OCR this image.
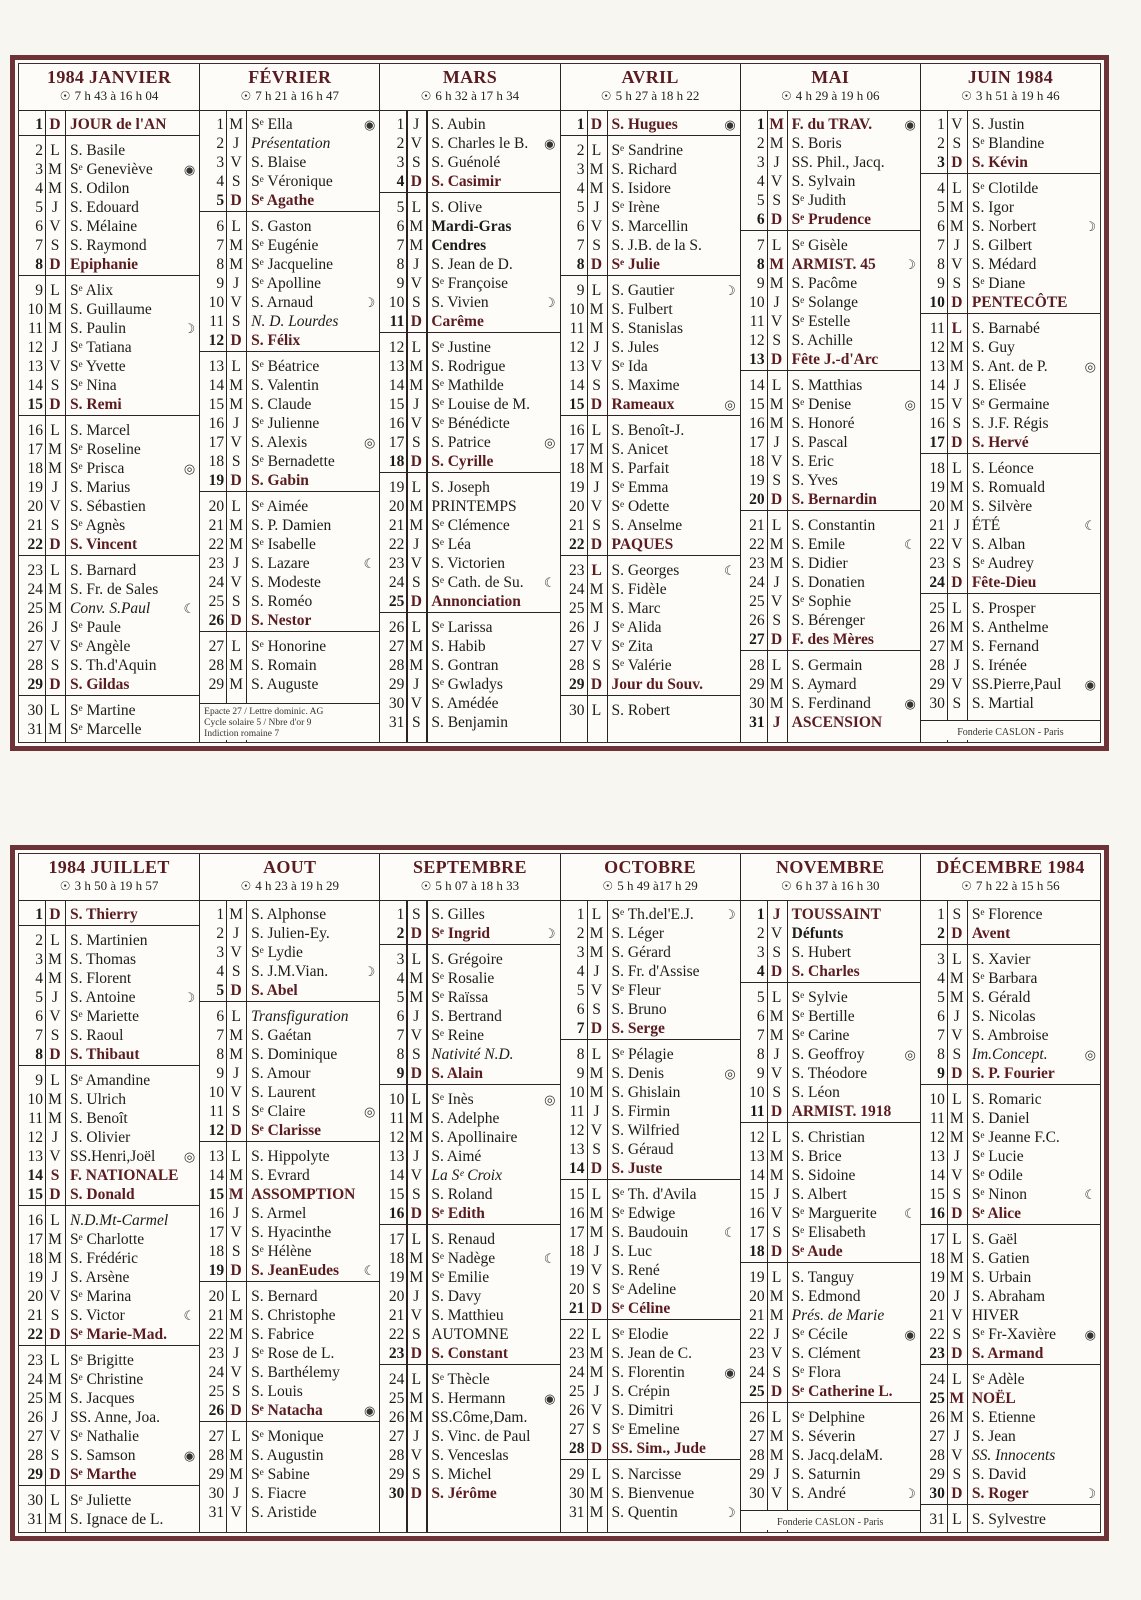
1984 JANVIER
☉ 7 h 43 à 16 h 04
1 D JOUR de l'AN
2 L S. Basile
3 M Sᵉ Geneviève	◉
4 M S. Odilon
5 J S. Edouard
6 V S. Mélaine
7 S S. Raymond
8 D Epiphanie
9 L Sᵉ Alix
10 M S. Guillaume
11 M S. Paulin	☽
12 J Sᵉ Tatiana
13 V Sᵉ Yvette
14 S Sᵉ Nina
15 D S. Remi
16 L S. Marcel
17 M Sᵉ Roseline
18 M Sᵉ Prisca	◎
19 J S. Marius
20 V S. Sébastien
21 S Sᵉ Agnès
22 D S. Vincent
23 L S. Barnard
24 M S. Fr. de Sales
25 M Conv. S.Paul	☾
26 J Sᵉ Paule
27 V Sᵉ Angèle
28 S S. Th.d'Aquin
29 D S. Gildas
30 L Sᵉ Martine
31 M Sᵉ Marcelle
FÉVRIER
☉ 7 h 21 à 16 h 47
1 M Sᵉ Ella	◉
2 J Présentation
3 V S. Blaise
4 S Sᵉ Véronique
5 D Sᵉ Agathe
6 L S. Gaston
7 M Sᵉ Eugénie
8 M Sᵉ Jacqueline
9 J Sᵉ Apolline
10 V S. Arnaud	☽
11 S N. D. Lourdes
12 D S. Félix
13 L Sᵉ Béatrice
14 M S. Valentin
15 M S. Claude
16 J Sᵉ Julienne
17 V S. Alexis	◎
18 S Sᵉ Bernadette
19 D S. Gabin
20 L Sᵉ Aimée
21 M S. P. Damien
22 M Sᵉ Isabelle
23 J S. Lazare	☾
24 V S. Modeste
25 S S. Roméo
26 D S. Nestor
27 L Sᵉ Honorine
28 M S. Romain
29 M S. Auguste
Epacte 27 / Lettre dominic. AG
Cycle solaire 5 / Nbre d'or 9
Indiction romaine 7
MARS
☉ 6 h 32 à 17 h 34
1 J S. Aubin
2 V S. Charles le B.	◉
3 S S. Guénolé
4 D S. Casimir
5 L S. Olive
6 M Mardi-Gras
7 M Cendres
8 J S. Jean de D.
9 V Sᵉ Françoise
10 S S. Vivien	☽
11 D Carême
12 L Sᵉ Justine
13 M S. Rodrigue
14 M Sᵉ Mathilde
15 J Sᵉ Louise de M.
16 V Sᵉ Bénédicte
17 S S. Patrice	◎
18 D S. Cyrille
19 L S. Joseph
20 M PRINTEMPS
21 M Sᵉ Clémence
22 J Sᵉ Léa
23 V S. Victorien
24 S Sᵉ Cath. de Su.	☾
25 D Annonciation
26 L Sᵉ Larissa
27 M S. Habib
28 M S. Gontran
29 J Sᵉ Gwladys
30 V S. Amédée
31 S S. Benjamin
AVRIL
☉ 5 h 27 à 18 h 22
1 D S. Hugues	◉
2 L Sᵉ Sandrine
3 M S. Richard
4 M S. Isidore
5 J Sᵉ Irène
6 V S. Marcellin
7 S S. J.B. de la S.
8 D Sᵉ Julie
9 L S. Gautier	☽
10 M S. Fulbert
11 M S. Stanislas
12 J S. Jules
13 V Sᵉ Ida
14 S S. Maxime
15 D Rameaux	◎
16 L S. Benoît-J.
17 M S. Anicet
18 M S. Parfait
19 J Sᵉ Emma
20 V Sᵉ Odette
21 S S. Anselme
22 D PAQUES
23 L S. Georges	☾
24 M S. Fidèle
25 M S. Marc
26 J Sᵉ Alida
27 V Sᵉ Zita
28 S Sᵉ Valérie
29 D Jour du Souv.
30 L S. Robert
MAI
☉ 4 h 29 à 19 h 06
1 M F. du TRAV.	◉
2 M S. Boris
3 J SS. Phil., Jacq.
4 V S. Sylvain
5 S Sᵉ Judith
6 D Sᵉ Prudence
7 L Sᵉ Gisèle
8 M ARMIST. 45	☽
9 M S. Pacôme
10 J Sᵉ Solange
11 V Sᵉ Estelle
12 S S. Achille
13 D Fête J.-d'Arc
14 L S. Matthias
15 M Sᵉ Denise	◎
16 M S. Honoré
17 J S. Pascal
18 V S. Eric
19 S S. Yves
20 D S. Bernardin
21 L S. Constantin
22 M S. Emile	☾
23 M S. Didier
24 J S. Donatien
25 V Sᵉ Sophie
26 S S. Bérenger
27 D F. des Mères
28 L S. Germain
29 M S. Aymard
30 M S. Ferdinand	◉
31 J ASCENSION
JUIN 1984
☉ 3 h 51 à 19 h 46
1 V S. Justin
2 S Sᵉ Blandine
3 D S. Kévin
4 L Sᵉ Clotilde
5 M S. Igor
6 M S. Norbert	☽
7 J S. Gilbert
8 V S. Médard
9 S Sᵉ Diane
10 D PENTECÔTE
11 L S. Barnabé
12 M S. Guy
13 M S. Ant. de P.	◎
14 J S. Elisée
15 V Sᵉ Germaine
16 S S. J.F. Régis
17 D S. Hervé
18 L S. Léonce
19 M S. Romuald
20 M S. Silvère
21 J ÉTÉ	☾
22 V S. Alban
23 S Sᵉ Audrey
24 D Fête-Dieu
25 L S. Prosper
26 M S. Anthelme
27 M S. Fernand
28 J S. Irénée
29 V SS.Pierre,Paul	◉
30 S S. Martial
Fonderie CASLON - Paris
1984 JUILLET
☉ 3 h 50 à 19 h 57
1 D S. Thierry
2 L S. Martinien
3 M S. Thomas
4 M S. Florent
5 J S. Antoine	☽
6 V Sᵉ Mariette
7 S S. Raoul
8 D S. Thibaut
9 L Sᵉ Amandine
10 M S. Ulrich
11 M S. Benoît
12 J S. Olivier
13 V SS.Henri,Joël	◎
14 S F. NATIONALE
15 D S. Donald
16 L N.D.Mt-Carmel
17 M Sᵉ Charlotte
18 M S. Frédéric
19 J S. Arsène
20 V Sᵉ Marina
21 S S. Victor	☾
22 D Sᵉ Marie-Mad.
23 L Sᵉ Brigitte
24 M Sᵉ Christine
25 M S. Jacques
26 J SS. Anne, Joa.
27 V Sᵉ Nathalie
28 S S. Samson	◉
29 D Sᵉ Marthe
30 L Sᵉ Juliette
31 M S. Ignace de L.
AOUT
☉ 4 h 23 à 19 h 29
1 M S. Alphonse
2 J S. Julien-Ey.
3 V Sᵉ Lydie
4 S S. J.M.Vian.	☽
5 D S. Abel
6 L Transfiguration
7 M S. Gaétan
8 M S. Dominique
9 J S. Amour
10 V S. Laurent
11 S Sᵉ Claire	◎
12 D Sᵉ Clarisse
13 L S. Hippolyte
14 M S. Evrard
15 M ASSOMPTION
16 J S. Armel
17 V S. Hyacinthe
18 S Sᵉ Hélène
19 D S. JeanEudes	☾
20 L S. Bernard
21 M S. Christophe
22 M S. Fabrice
23 J Sᵉ Rose de L.
24 V S. Barthélemy
25 S S. Louis
26 D Sᵉ Natacha	◉
27 L Sᵉ Monique
28 M S. Augustin
29 M Sᵉ Sabine
30 J S. Fiacre
31 V S. Aristide
SEPTEMBRE
☉ 5 h 07 à 18 h 33
1 S S. Gilles
2 D Sᵉ Ingrid	☽
3 L S. Grégoire
4 M Sᵉ Rosalie
5 M Sᵉ Raïssa
6 J S. Bertrand
7 V Sᵉ Reine
8 S Nativité N.D.
9 D S. Alain
10 L Sᵉ Inès	◎
11 M S. Adelphe
12 M S. Apollinaire
13 J S. Aimé
14 V La Sᵉ Croix
15 S S. Roland
16 D Sᵉ Edith
17 L S. Renaud
18 M Sᵉ Nadège	☾
19 M Sᵉ Emilie
20 J S. Davy
21 V S. Matthieu
22 S AUTOMNE
23 D S. Constant
24 L Sᵉ Thècle
25 M S. Hermann	◉
26 M SS.Côme,Dam.
27 J S. Vinc. de Paul
28 V S. Venceslas
29 S S. Michel
30 D S. Jérôme
OCTOBRE
☉ 5 h 49 à17 h 29
1 L Sᵉ Th.del'E.J.	☽
2 M S. Léger
3 M S. Gérard
4 J S. Fr. d'Assise
5 V Sᵉ Fleur
6 S S. Bruno
7 D S. Serge
8 L Sᵉ Pélagie
9 M S. Denis	◎
10 M S. Ghislain
11 J S. Firmin
12 V S. Wilfried
13 S S. Géraud
14 D S. Juste
15 L Sᵉ Th. d'Avila
16 M Sᵉ Edwige
17 M S. Baudouin	☾
18 J S. Luc
19 V S. René
20 S Sᵉ Adeline
21 D Sᵉ Céline
22 L Sᵉ Elodie
23 M S. Jean de C.
24 M S. Florentin	◉
25 J S. Crépin
26 V S. Dimitri
27 S Sᵉ Emeline
28 D SS. Sim., Jude
29 L S. Narcisse
30 M S. Bienvenue
31 M S. Quentin	☽
NOVEMBRE
☉ 6 h 37 à 16 h 30
1 J TOUSSAINT
2 V Défunts
3 S S. Hubert
4 D S. Charles
5 L Sᵉ Sylvie
6 M Sᵉ Bertille
7 M Sᵉ Carine
8 J S. Geoffroy	◎
9 V S. Théodore
10 S S. Léon
11 D ARMIST. 1918
12 L S. Christian
13 M S. Brice
14 M S. Sidoine
15 J S. Albert
16 V Sᵉ Marguerite	☾
17 S Sᵉ Elisabeth
18 D Sᵉ Aude
19 L S. Tanguy
20 M S. Edmond
21 M Prés. de Marie
22 J Sᵉ Cécile	◉
23 V S. Clément
24 S Sᵉ Flora
25 D Sᵉ Catherine L.
26 L Sᵉ Delphine
27 M S. Séverin
28 M S. Jacq.delaM.
29 J S. Saturnin
30 V S. André	☽
Fonderie CASLON - Paris
DÉCEMBRE 1984
☉ 7 h 22 à 15 h 56
1 S Sᵉ Florence
2 D Avent
3 L S. Xavier
4 M Sᵉ Barbara
5 M S. Gérald
6 J S. Nicolas
7 V S. Ambroise
8 S Im.Concept.	◎
9 D S. P. Fourier
10 L S. Romaric
11 M S. Daniel
12 M Sᵉ Jeanne F.C.
13 J Sᵉ Lucie
14 V Sᵉ Odile
15 S Sᵉ Ninon	☾
16 D Sᵉ Alice
17 L S. Gaël
18 M S. Gatien
19 M S. Urbain
20 J S. Abraham
21 V HIVER
22 S Sᵉ Fr-Xavière	◉
23 D S. Armand
24 L Sᵉ Adèle
25 M NOËL
26 M S. Etienne
27 J S. Jean
28 V SS. Innocents
29 S S. David
30 D S. Roger	☽
31 L S. Sylvestre
